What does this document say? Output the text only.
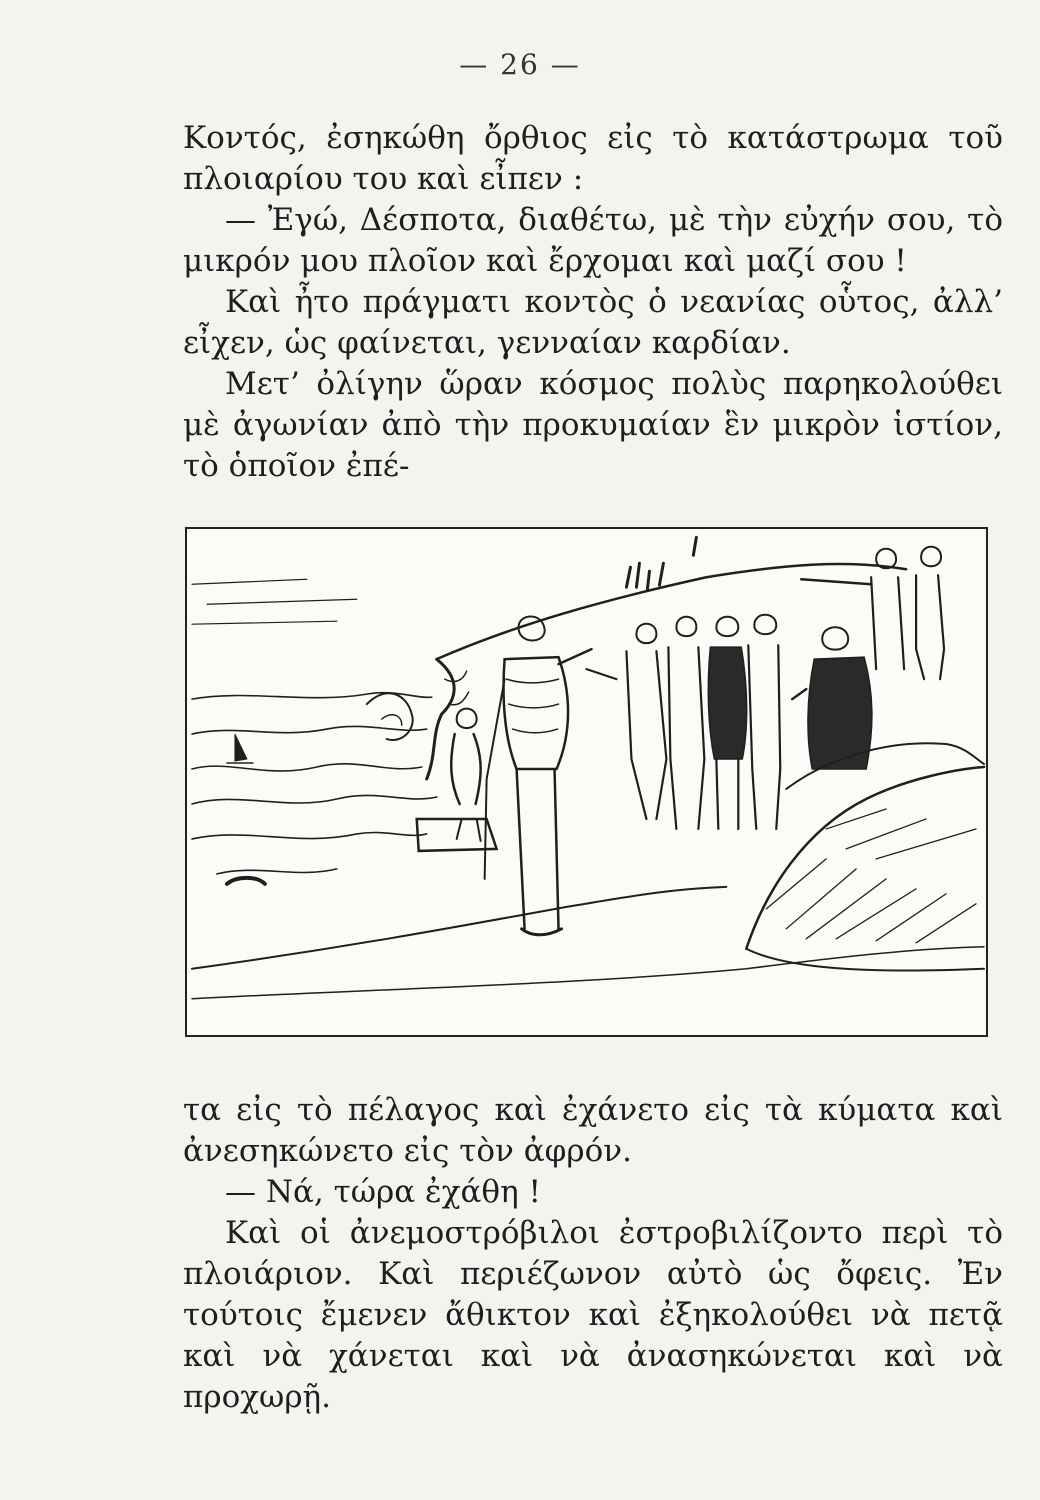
— 26 —

Κοντός, ἐσηκώθη ὄρθιος εἰς τὸ κατάστρωμα τοῦ πλοιαρίου του καὶ εἶπεν :

— Ἐγώ, Δέσποτα, διαθέτω, μὲ τὴν εὐχήν σου, τὸ μικρόν μου πλοῖον καὶ ἔρχομαι καὶ μαζί σου !

Καὶ ἦτο πράγματι κοντὸς ὁ νεανίας οὗτος, ἀλλ’ εἶχεν, ὡς φαίνεται, γενναίαν καρδίαν.

Μετ’ ὀλίγην ὥραν κόσμος πολὺς παρηκολούθει μὲ ἀγωνίαν ἀπὸ τὴν προκυμαίαν ἓν μικρὸν ἱστίον, τὸ ὁποῖον ἐπέ-

τα εἰς τὸ πέλαγος καὶ ἐχάνετο εἰς τὰ κύματα καὶ ἀνεσηκώνετο εἰς τὸν ἀφρόν.

— Νά, τώρα ἐχάθη !

Καὶ οἱ ἀνεμοστρόβιλοι ἐστροβιλίζοντο περὶ τὸ πλοιάριον. Καὶ περιέζωνον αὐτὸ ὡς ὄφεις. Ἐν τούτοις ἔμενεν ἄθικτον καὶ ἐξηκολούθει νὰ πετᾷ καὶ νὰ χάνεται καὶ νὰ ἀνασηκώνεται καὶ νὰ προχωρῇ.
